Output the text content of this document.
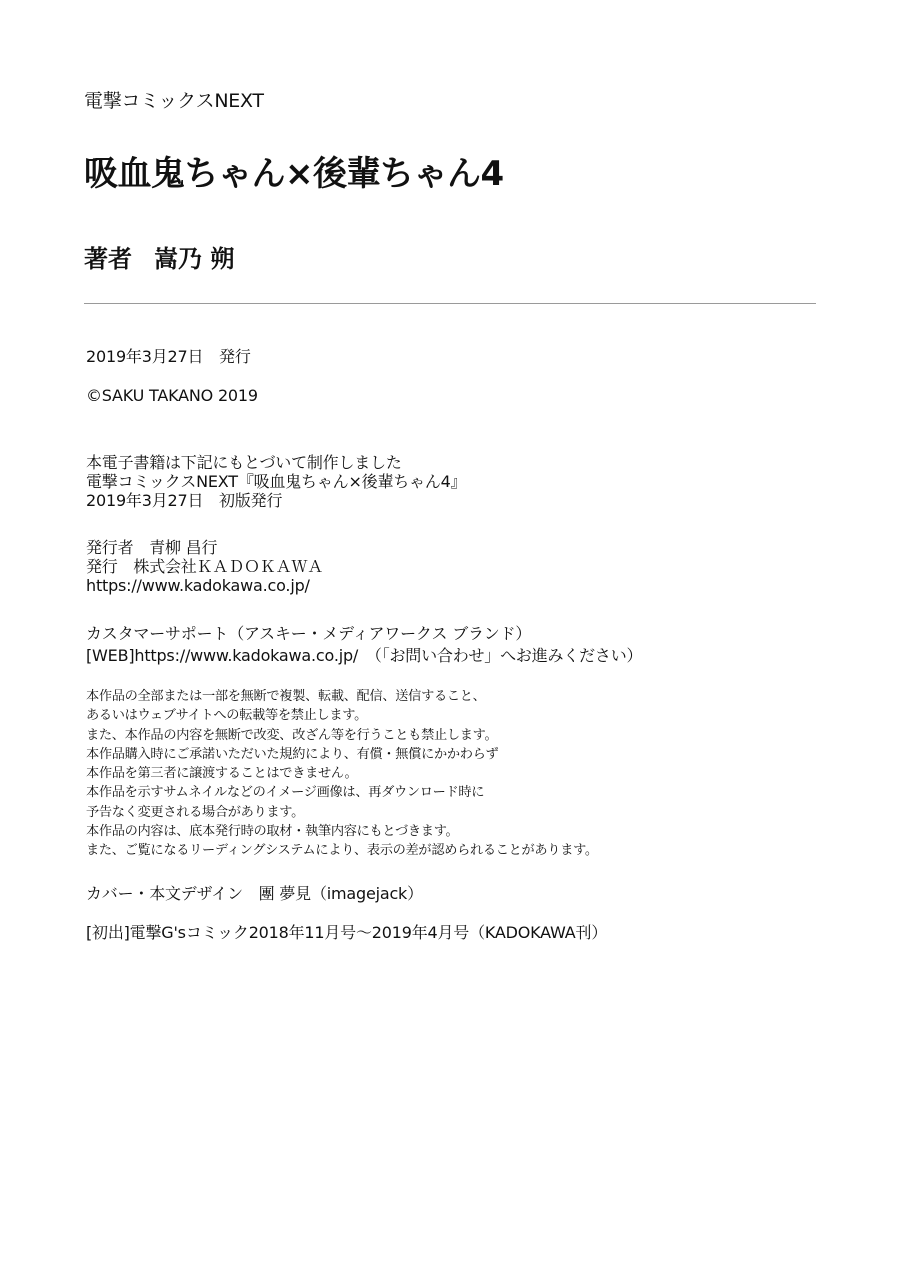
電撃コミックスNEXT
吸血鬼ちゃん×後輩ちゃん4
著者 嵩乃 朔
2019年3月27日　発行
©SAKU TAKANO 2019
本電子書籍は下記にもとづいて制作しました
電撃コミックスNEXT『吸血鬼ちゃん×後輩ちゃん4』
2019年3月27日　初版発行
発行者　青柳 昌行
発行　株式会社ＫＡＤＯＫＡＷＡ
https://www.kadokawa.co.jp/
カスタマーサポート（アスキー・メディアワークス ブランド）
[WEB]https://www.kadokawa.co.jp/　（「お問い合わせ」へお進みください）
本作品の全部または一部を無断で複製、転載、配信、送信すること、
あるいはウェブサイトへの転載等を禁止します。
また、本作品の内容を無断で改変、改ざん等を行うことも禁止します。
本作品購入時にご承諾いただいた規約により、有償・無償にかかわらず
本作品を第三者に譲渡することはできません。
本作品を示すサムネイルなどのイメージ画像は、再ダウンロード時に
予告なく変更される場合があります。
本作品の内容は、底本発行時の取材・執筆内容にもとづきます。
また、ご覧になるリーディングシステムにより、表示の差が認められることがあります。
カバー・本文デザイン　團 夢見（imagejack）
[初出]電撃G'sコミック2018年11月号～2019年4月号（KADOKAWA刊）
